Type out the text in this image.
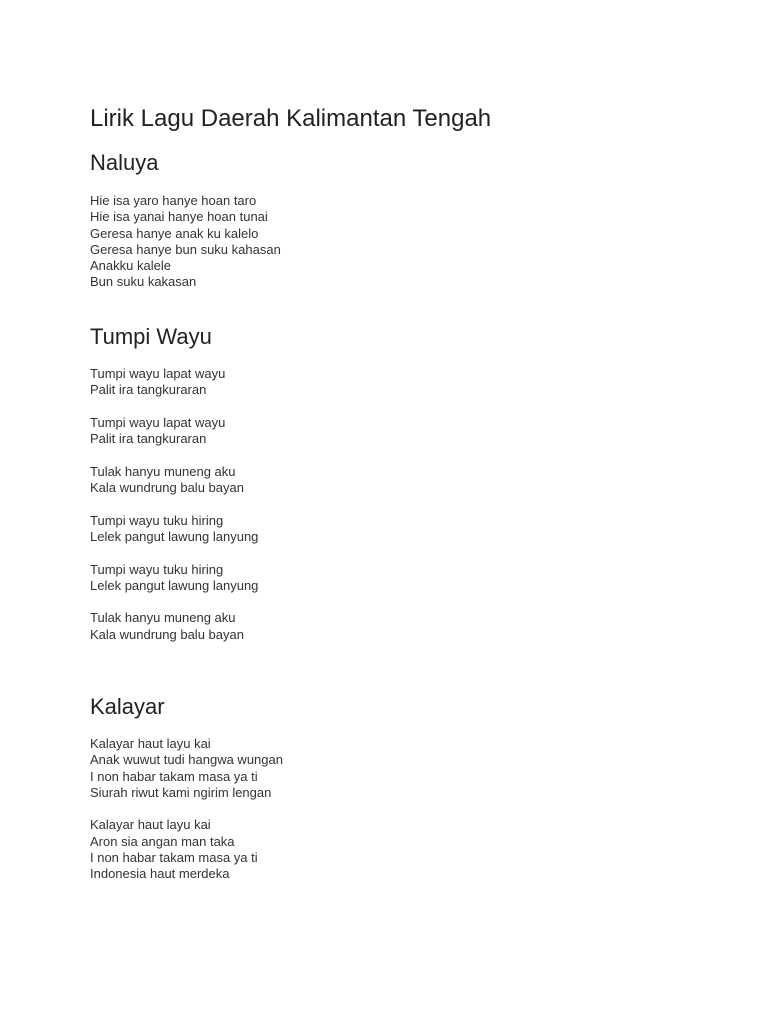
Lirik Lagu Daerah Kalimantan Tengah
Naluya
Hie isa yaro hanye hoan taro
Hie isa yanai hanye hoan tunai
Geresa hanye anak ku kalelo
Geresa hanye bun suku kahasan
Anakku kalele
Bun suku kakasan
Tumpi Wayu
Tumpi wayu lapat wayu
Palit ira tangkuraran
Tumpi wayu lapat wayu
Palit ira tangkuraran
Tulak hanyu muneng aku
Kala wundrung balu bayan
Tumpi wayu tuku hiring
Lelek pangut lawung lanyung
Tumpi wayu tuku hiring
Lelek pangut lawung lanyung
Tulak hanyu muneng aku
Kala wundrung balu bayan
Kalayar
Kalayar haut layu kai
Anak wuwut tudi hangwa wungan
I non habar takam masa ya ti
Siurah riwut kami ngirim lengan
Kalayar haut layu kai
Aron sia angan man taka
I non habar takam masa ya ti
Indonesia haut merdeka
